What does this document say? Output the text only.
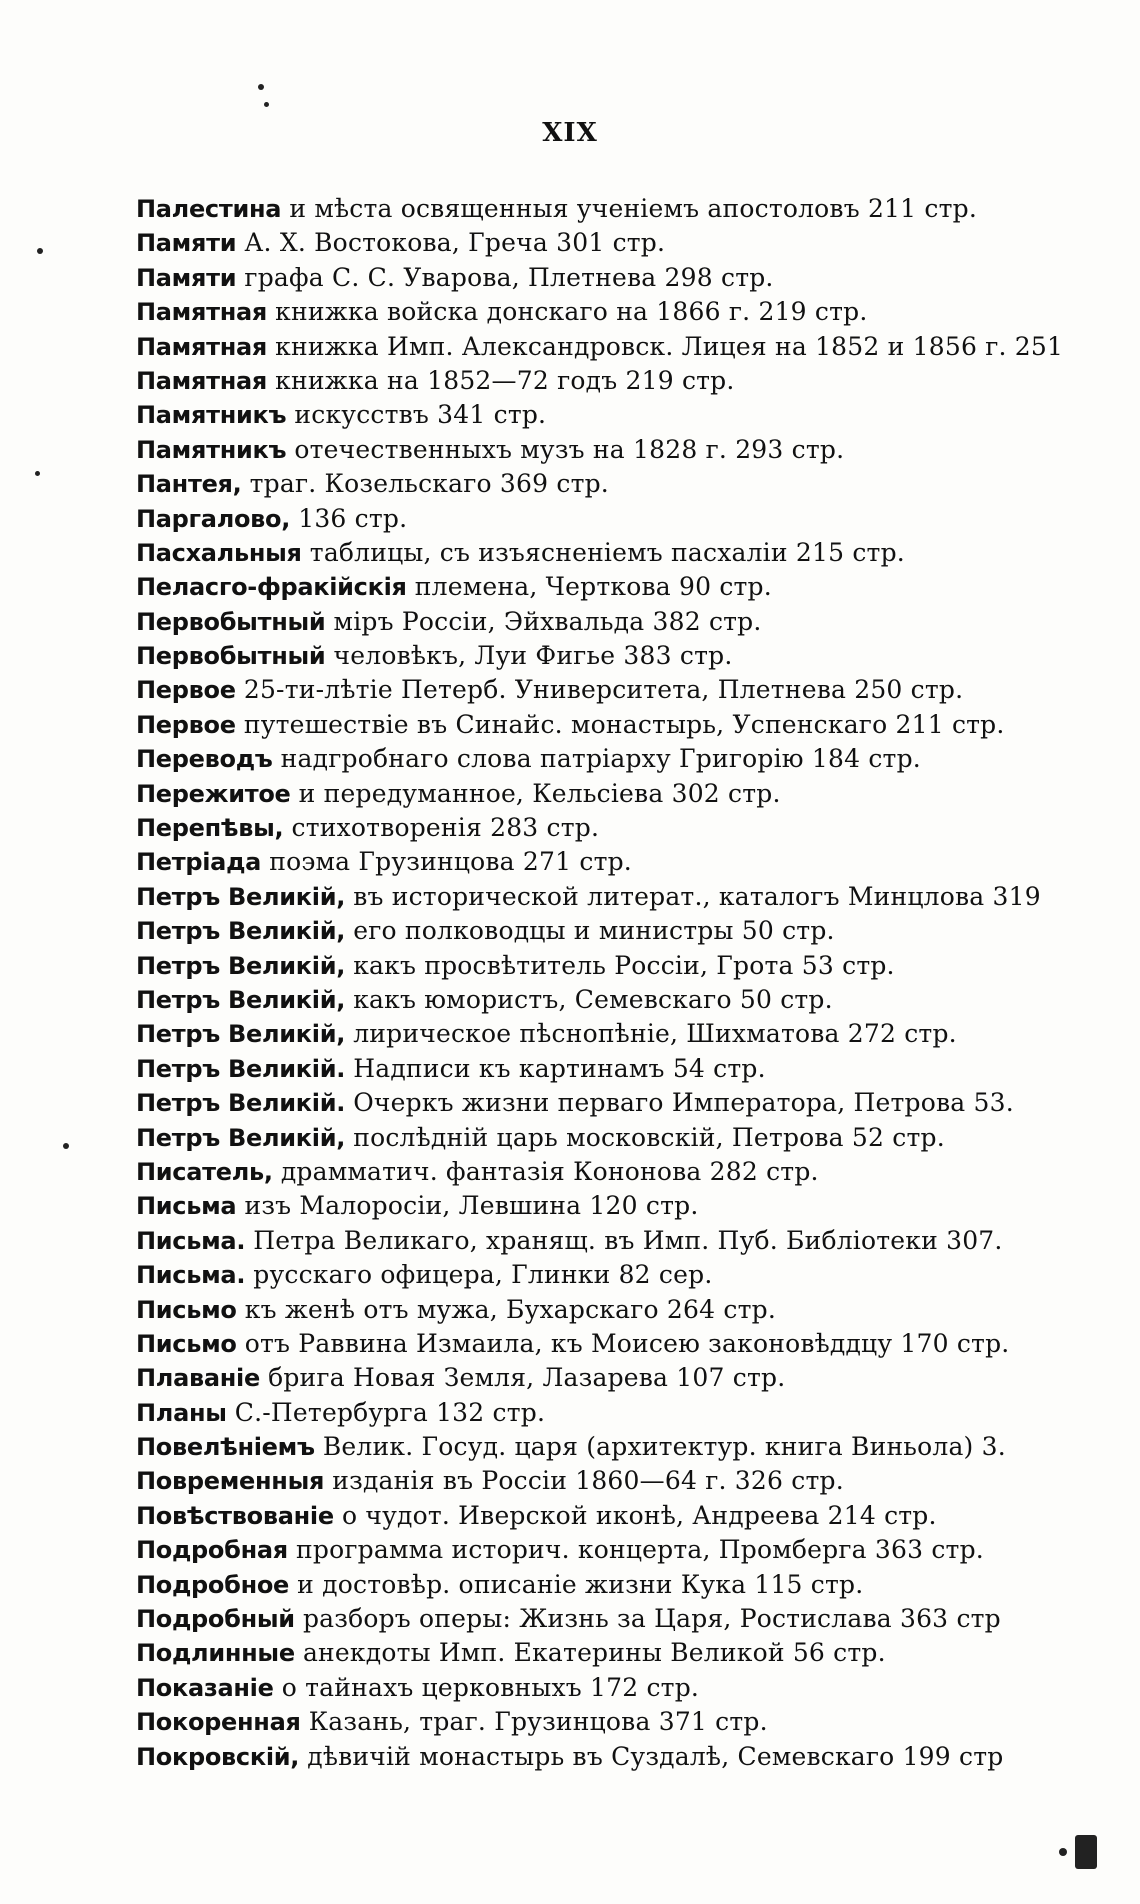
XIX
Палестина и мѣста освященныя ученіемъ апостоловъ 211 стр.
Памяти А. Х. Востокова, Греча 301 стр.
Памяти графа С. С. Уварова, Плетнева 298 стр.
Памятная книжка войска донскаго на 1866 г. 219 стр.
Памятная книжка Имп. Александровск. Лицея на 1852 и 1856 г. 251
Памятная книжка на 1852—72 годъ 219 стр.
Памятникъ искусствъ 341 стр.
Памятникъ отечественныхъ музъ на 1828 г. 293 стр.
Пантея, траг. Козельскаго 369 стр.
Паргалово, 136 стр.
Пасхальныя таблицы, съ изъясненіемъ пасхаліи 215 стр.
Пеласго-фракійскія племена, Черткова 90 стр.
Первобытный міръ Россіи, Эйхвальда 382 стр.
Первобытный человѣкъ, Луи Фигье 383 стр.
Первое 25-ти-лѣтіе Петерб. Университета, Плетнева 250 стр.
Первое путешествіе въ Синайс. монастырь, Успенскаго 211 стр.
Переводъ надгробнаго слова патріарху Григорію 184 стр.
Пережитое и передуманное, Кельсіева 302 стр.
Перепѣвы, стихотворенія 283 стр.
Петріада поэма Грузинцова 271 стр.
Петръ Великій, въ исторической литерат., каталогъ Минцлова 319
Петръ Великій, его полководцы и министры 50 стр.
Петръ Великій, какъ просвѣтитель Россіи, Грота 53 стр.
Петръ Великій, какъ юмористъ, Семевскаго 50 стр.
Петръ Великій, лирическое пѣснопѣніе, Шихматова 272 стр.
Петръ Великій. Надписи къ картинамъ 54 стр.
Петръ Великій. Очеркъ жизни перваго Императора, Петрова 53.
Петръ Великій, послѣдній царь московскій, Петрова 52 стр.
Писатель, драмматич. фантазія Кононова 282 стр.
Письма изъ Малоросіи, Левшина 120 стр.
Письма. Петра Великаго, хранящ. въ Имп. Пуб. Библіотеки 307.
Письма. русскаго офицера, Глинки 82 сер.
Письмо къ женѣ отъ мужа, Бухарскаго 264 стр.
Письмо отъ Раввина Измаила, къ Моисею законовѣддцу 170 стр.
Плаваніе брига Новая Земля, Лазарева 107 стр.
Планы С.-Петербурга 132 стр.
Повелѣніемъ Велик. Госуд. царя (архитектур. книга Виньола) 3.
Повременныя изданія въ Россіи 1860—64 г. 326 стр.
Повѣствованіе о чудот. Иверской иконѣ, Андреева 214 стр.
Подробная программа историч. концерта, Промберга 363 стр.
Подробное и достовѣр. описаніе жизни Кука 115 стр.
Подробный разборъ оперы: Жизнь за Царя, Ростислава 363 стр
Подлинные анекдоты Имп. Екатерины Великой 56 стр.
Показаніе о тайнахъ церковныхъ 172 стр.
Покоренная Казань, траг. Грузинцова 371 стр.
Покровскій, дѣвичій монастырь въ Суздалѣ, Семевскаго 199 стр
